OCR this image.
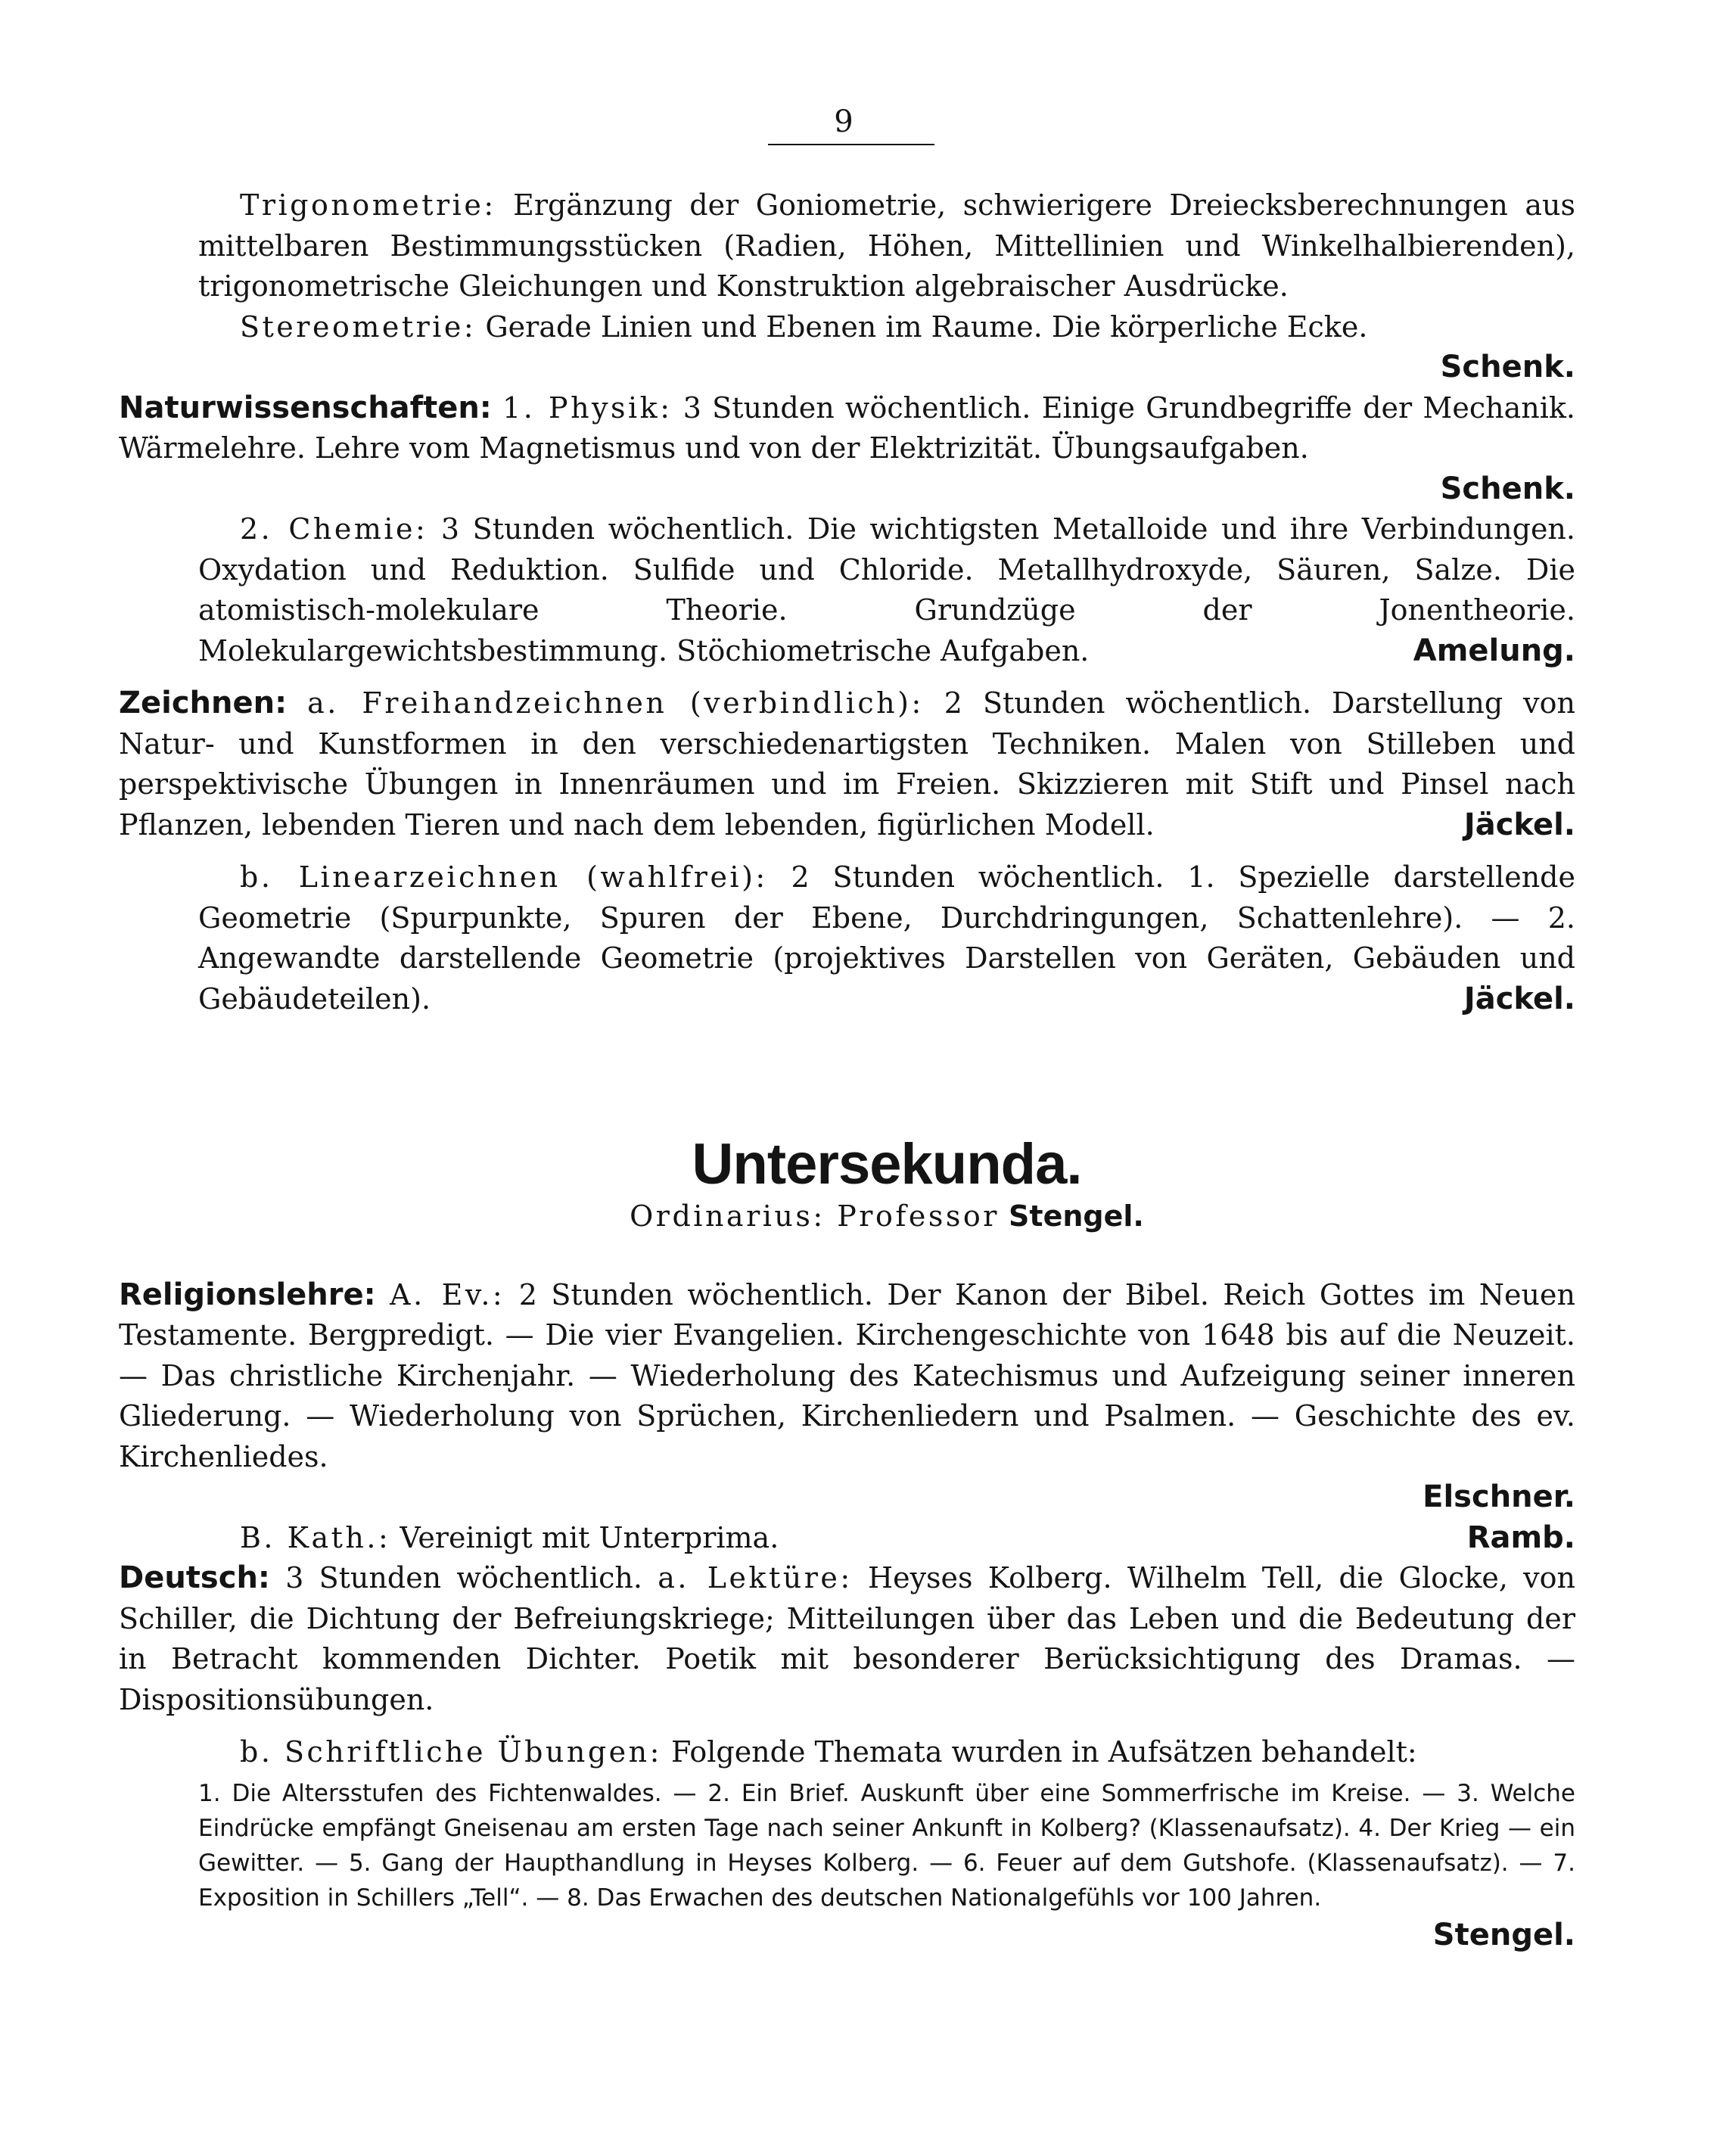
9

Trigonometrie: Ergänzung der Goniometrie, schwierigere Dreiecksberechnungen aus mittelbaren Bestimmungsstücken (Radien, Höhen, Mittellinien und Winkelhalbierenden), trigonometrische Gleichungen und Konstruktion algebraischer Ausdrücke.

Stereometrie: Gerade Linien und Ebenen im Raume. Die körperliche Ecke.

Schenk.

Naturwissenschaften: 1. Physik: 3 Stunden wöchentlich. Einige Grundbegriffe der Mechanik. Wärmelehre. Lehre vom Magnetismus und von der Elektrizität. Übungsaufgaben.

Schenk.

2. Chemie: 3 Stunden wöchentlich. Die wichtigsten Metalloide und ihre Verbindungen. Oxydation und Reduktion. Sulfide und Chloride. Metallhydroxyde, Säuren, Salze. Die atomistisch-molekulare Theorie. Grundzüge der Jonentheorie. Molekulargewichtsbestimmung. Stöchiometrische Aufgaben.	Amelung.

Zeichnen: a. Freihandzeichnen (verbindlich): 2 Stunden wöchentlich. Darstellung von Natur- und Kunstformen in den verschiedenartigsten Techniken. Malen von Stilleben und perspektivische Übungen in Innenräumen und im Freien. Skizzieren mit Stift und Pinsel nach Pflanzen, lebenden Tieren und nach dem lebenden, figürlichen Modell.	Jäckel.

b. Linearzeichnen (wahlfrei): 2 Stunden wöchentlich. 1. Spezielle darstellende Geometrie (Spurpunkte, Spuren der Ebene, Durchdringungen, Schattenlehre). — 2. Angewandte darstellende Geometrie (projektives Darstellen von Geräten, Gebäuden und Gebäudeteilen).	Jäckel.

Untersekunda.

Ordinarius: Professor Stengel.

Religionslehre: A. Ev.: 2 Stunden wöchentlich. Der Kanon der Bibel. Reich Gottes im Neuen Testamente. Bergpredigt. — Die vier Evangelien. Kirchengeschichte von 1648 bis auf die Neuzeit. — Das christliche Kirchenjahr. — Wiederholung des Katechismus und Aufzeigung seiner inneren Gliederung. — Wiederholung von Sprüchen, Kirchenliedern und Psalmen. — Geschichte des ev. Kirchenliedes.

Elschner.

B. Kath.: Vereinigt mit Unterprima.	Ramb.

Deutsch: 3 Stunden wöchentlich. a. Lektüre: Heyses Kolberg. Wilhelm Tell, die Glocke, von Schiller, die Dichtung der Befreiungskriege; Mitteilungen über das Leben und die Bedeutung der in Betracht kommenden Dichter. Poetik mit besonderer Berücksichtigung des Dramas. — Dispositionsübungen.

b. Schriftliche Übungen: Folgende Themata wurden in Aufsätzen behandelt:

1. Die Altersstufen des Fichtenwaldes. — 2. Ein Brief. Auskunft über eine Sommerfrische im Kreise. — 3. Welche Eindrücke empfängt Gneisenau am ersten Tage nach seiner Ankunft in Kolberg? (Klassenaufsatz). 4. Der Krieg — ein Gewitter. — 5. Gang der Haupthandlung in Heyses Kolberg. — 6. Feuer auf dem Gutshofe. (Klassenaufsatz). — 7. Exposition in Schillers „Tell“. — 8. Das Erwachen des deutschen Nationalgefühls vor 100 Jahren.

Stengel.
